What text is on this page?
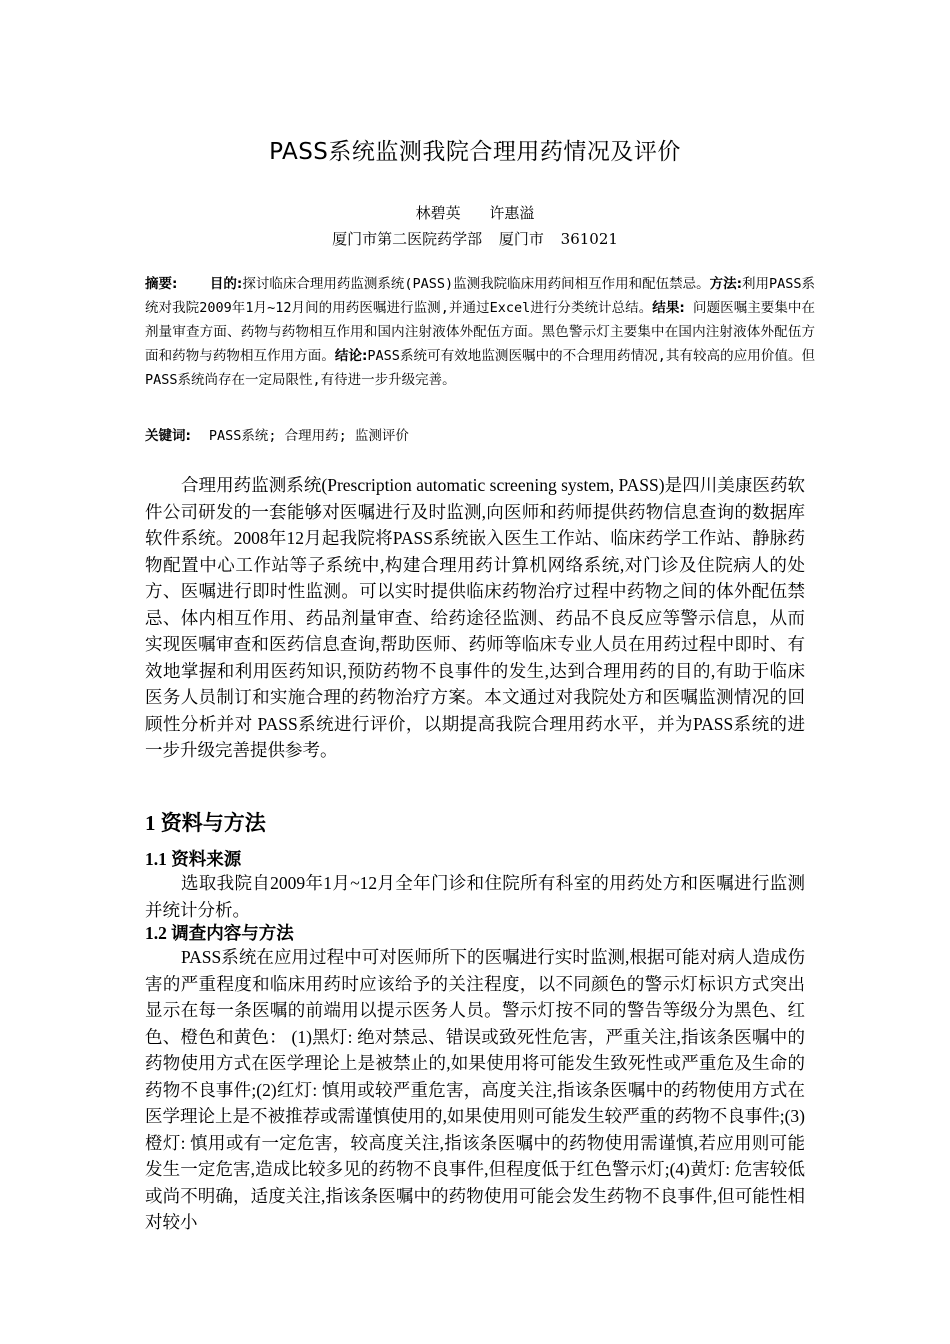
PASS系统监测我院合理用药情况及评价
林碧英 许惠溢
厦门市第二医院药学部 厦门市 361021
摘要: 目的:探讨临床合理用药监测系统(PASS)监测我院临床用药间相互作用和配伍禁忌。方法:利用PASS系统对我院2009年1月~12月间的用药医嘱进行监测,并通过Excel进行分类统计总结。结果: 问题医嘱主要集中在剂量审查方面、药物与药物相互作用和国内注射液体外配伍方面。黑色警示灯主要集中在国内注射液体外配伍方面和药物与药物相互作用方面。结论:PASS系统可有效地监测医嘱中的不合理用药情况,其有较高的应用价值。但PASS系统尚存在一定局限性,有待进一步升级完善。
关键词: PASS系统; 合理用药; 监测评价

合理用药监测系统(Prescription automatic screening system, PASS)是四川美康医药软件公司研发的一套能够对医嘱进行及时监测,向医师和药师提供药物信息查询的数据库软件系统。2008年12月起我院将PASS系统嵌入医生工作站、临床药学工作站、静脉药物配置中心工作站等子系统中,构建合理用药计算机网络系统,对门诊及住院病人的处方、医嘱进行即时性监测。可以实时提供临床药物治疗过程中药物之间的体外配伍禁忌、体内相互作用、药品剂量审查、给药途径监测、药品不良反应等警示信息，从而实现医嘱审查和医药信息查询,帮助医师、药师等临床专业人员在用药过程中即时、有效地掌握和利用医药知识,预防药物不良事件的发生,达到合理用药的目的,有助于临床医务人员制订和实施合理的药物治疗方案。本文通过对我院处方和医嘱监测情况的回顾性分析并对 PASS系统进行评价，以期提高我院合理用药水平，并为PASS系统的进一步升级完善提供参考。

1 资料与方法
1.1 资料来源

选取我院自2009年1月~12月全年门诊和住院所有科室的用药处方和医嘱进行监测并统计分析。

1.2 调查内容与方法

PASS系统在应用过程中可对医师所下的医嘱进行实时监测,根据可能对病人造成伤害的严重程度和临床用药时应该给予的关注程度，以不同颜色的警示灯标识方式突出显示在每一条医嘱的前端用以提示医务人员。警示灯按不同的警告等级分为黑色、红色、橙色和黄色： (1)黑灯: 绝对禁忌、错误或致死性危害，严重关注,指该条医嘱中的药物使用方式在医学理论上是被禁止的,如果使用将可能发生致死性或严重危及生命的药物不良事件;(2)红灯: 慎用或较严重危害，高度关注,指该条医嘱中的药物使用方式在医学理论上是不被推荐或需谨慎使用的,如果使用则可能发生较严重的药物不良事件;(3)橙灯: 慎用或有一定危害，较高度关注,指该条医嘱中的药物使用需谨慎,若应用则可能发生一定危害,造成比较多见的药物不良事件,但程度低于红色警示灯;(4)黄灯: 危害较低或尚不明确，适度关注,指该条医嘱中的药物使用可能会发生药物不良事件,但可能性相对较小
